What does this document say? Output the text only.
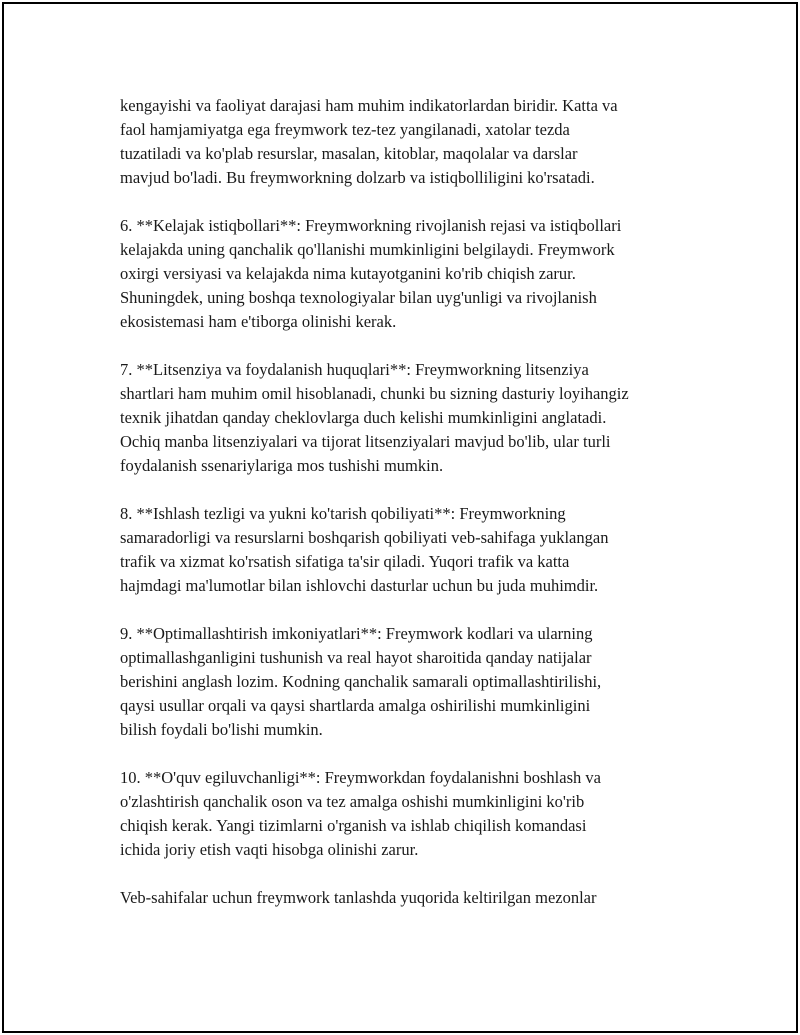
kengayishi va faoliyat darajasi ham muhim indikatorlardan biridir. Katta va
faol hamjamiyatga ega freymwork tez-tez yangilanadi, xatolar tezda
tuzatiladi va ko'plab resurslar, masalan, kitoblar, maqolalar va darslar
mavjud bo'ladi. Bu freymworkning dolzarb va istiqbolliligini ko'rsatadi.
6. **Kelajak istiqbollari**: Freymworkning rivojlanish rejasi va istiqbollari
kelajakda uning qanchalik qo'llanishi mumkinligini belgilaydi. Freymwork
oxirgi versiyasi va kelajakda nima kutayotganini ko'rib chiqish zarur.
Shuningdek, uning boshqa texnologiyalar bilan uyg'unligi va rivojlanish
ekosistemasi ham e'tiborga olinishi kerak.
7. **Litsenziya va foydalanish huquqlari**: Freymworkning litsenziya
shartlari ham muhim omil hisoblanadi, chunki bu sizning dasturiy loyihangiz
texnik jihatdan qanday cheklovlarga duch kelishi mumkinligini anglatadi.
Ochiq manba litsenziyalari va tijorat litsenziyalari mavjud bo'lib, ular turli
foydalanish ssenariylariga mos tushishi mumkin.
8. **Ishlash tezligi va yukni ko'tarish qobiliyati**: Freymworkning
samaradorligi va resurslarni boshqarish qobiliyati veb-sahifaga yuklangan
trafik va xizmat ko'rsatish sifatiga ta'sir qiladi. Yuqori trafik va katta
hajmdagi ma'lumotlar bilan ishlovchi dasturlar uchun bu juda muhimdir.
9. **Optimallashtirish imkoniyatlari**: Freymwork kodlari va ularning
optimallashganligini tushunish va real hayot sharoitida qanday natijalar
berishini anglash lozim. Kodning qanchalik samarali optimallashtirilishi,
qaysi usullar orqali va qaysi shartlarda amalga oshirilishi mumkinligini
bilish foydali bo'lishi mumkin.
10. **O'quv egiluvchanligi**: Freymworkdan foydalanishni boshlash va
o'zlashtirish qanchalik oson va tez amalga oshishi mumkinligini ko'rib
chiqish kerak. Yangi tizimlarni o'rganish va ishlab chiqilish komandasi
ichida joriy etish vaqti hisobga olinishi zarur.
Veb-sahifalar uchun freymwork tanlashda yuqorida keltirilgan mezonlar
